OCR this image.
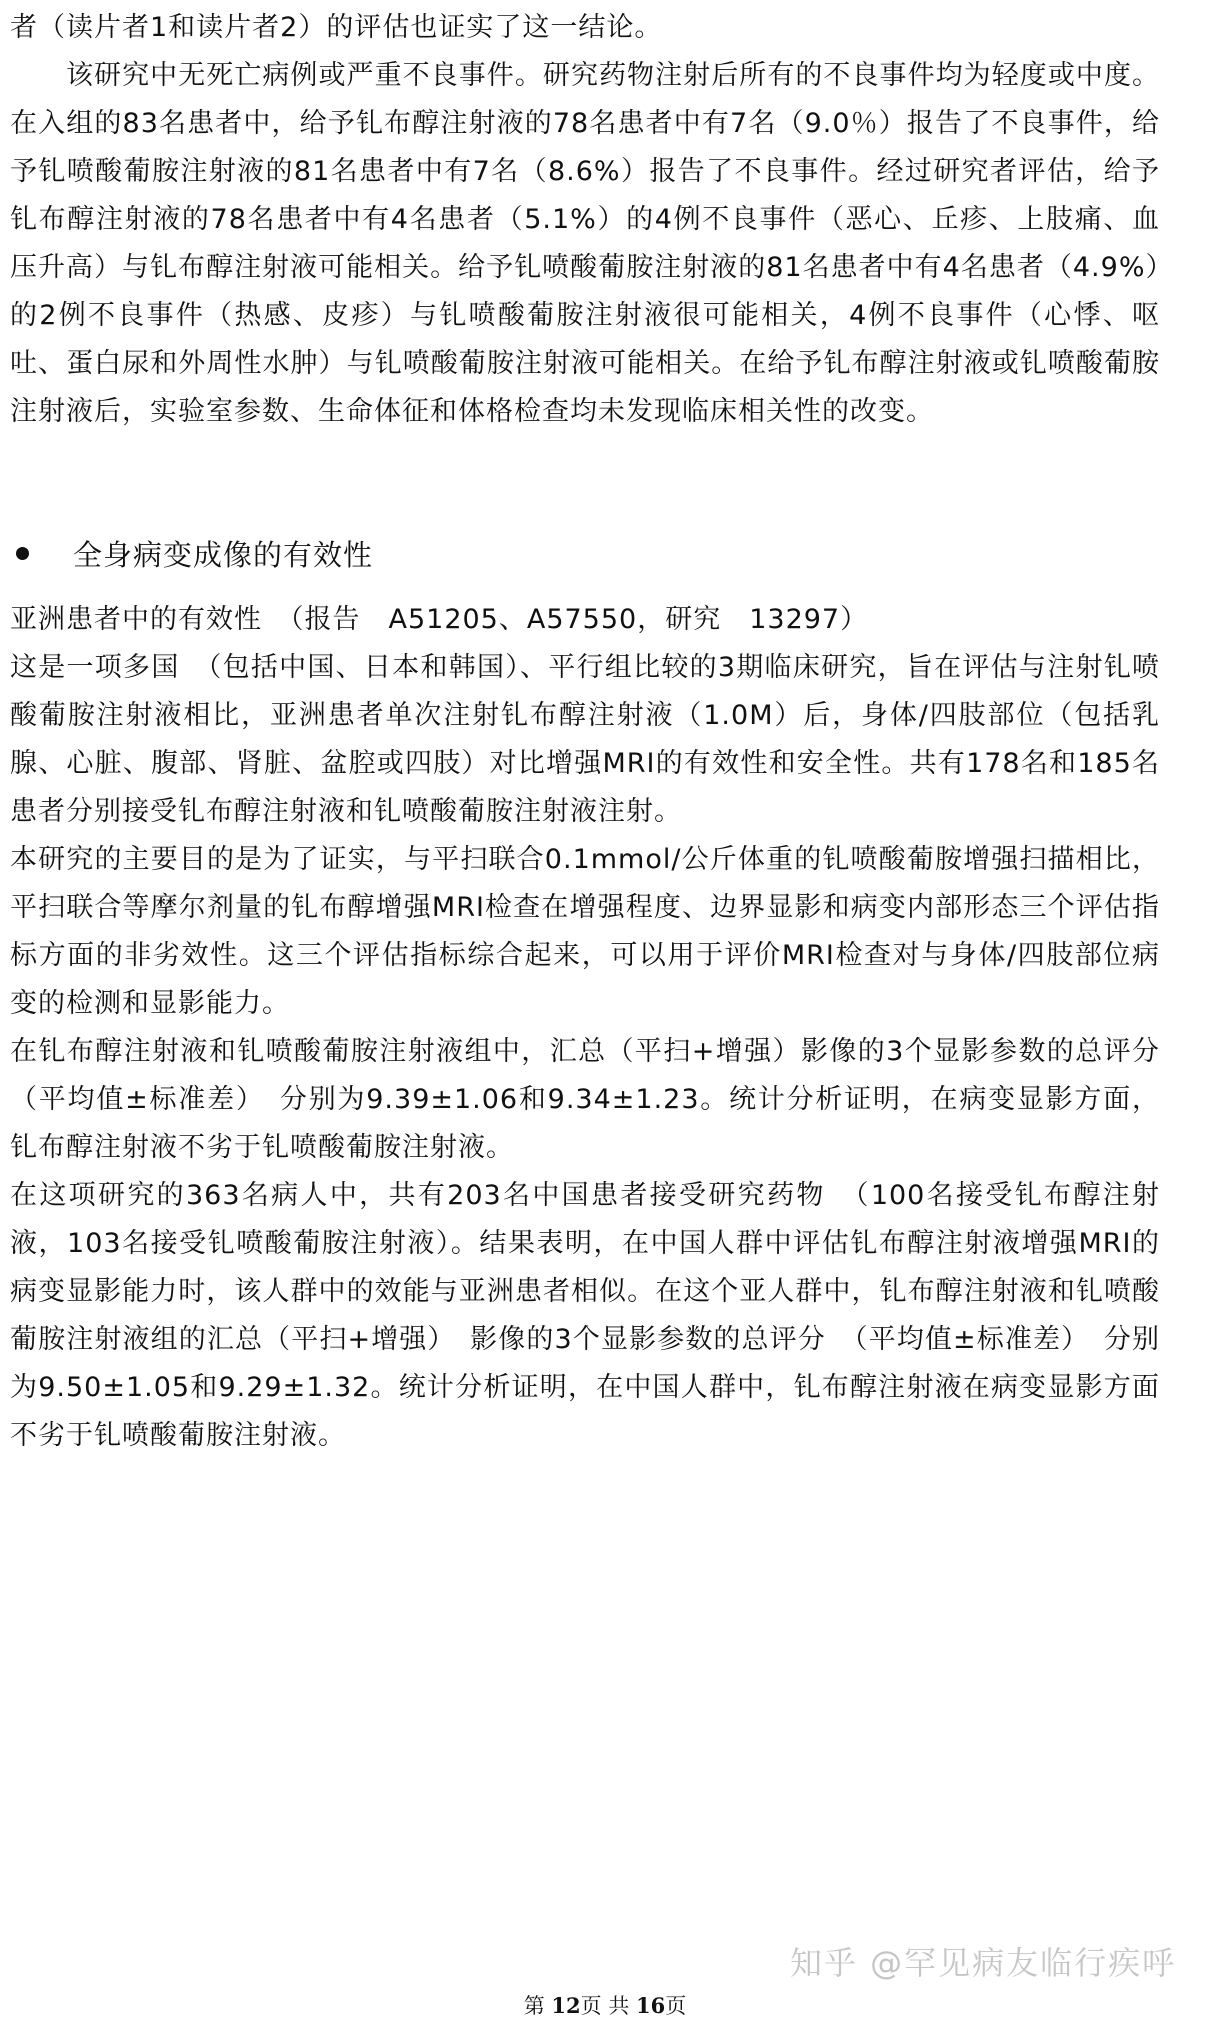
者（读片者1和读片者2）的评估也证实了这一结论。

该研究中无死亡病例或严重不良事件。研究药物注射后所有的不良事件均为轻度或中度。在入组的83名患者中，给予钆布醇注射液的78名患者中有7名（9.0％）报告了不良事件，给予钆喷酸葡胺注射液的81名患者中有7名（8.6%）报告了不良事件。经过研究者评估，给予钆布醇注射液的78名患者中有4名患者（5.1%）的4例不良事件（恶心、丘疹、上肢痛、血压升高）与钆布醇注射液可能相关。给予钆喷酸葡胺注射液的81名患者中有4名患者（4.9%）的2例不良事件（热感、皮疹）与钆喷酸葡胺注射液很可能相关，4例不良事件（心悸、呕吐、蛋白尿和外周性水肿）与钆喷酸葡胺注射液可能相关。在给予钆布醇注射液或钆喷酸葡胺注射液后，实验室参数、生命体征和体格检查均未发现临床相关性的改变。

全身病变成像的有效性

亚洲患者中的有效性　（报告　A51205、A57550，研究　13297）

这是一项多国　（包括中国、日本和韩国）、平行组比较的3期临床研究，旨在评估与注射钆喷酸葡胺注射液相比，亚洲患者单次注射钆布醇注射液（1.0M）后，身体/四肢部位（包括乳腺、心脏、腹部、肾脏、盆腔或四肢）对比增强MRI的有效性和安全性。共有178名和185名患者分别接受钆布醇注射液和钆喷酸葡胺注射液注射。

本研究的主要目的是为了证实，与平扫联合0.1mmol/公斤体重的钆喷酸葡胺增强扫描相比，平扫联合等摩尔剂量的钆布醇增强MRI检查在增强程度、边界显影和病变内部形态三个评估指标方面的非劣效性。这三个评估指标综合起来，可以用于评价MRI检查对与身体/四肢部位病变的检测和显影能力。

在钆布醇注射液和钆喷酸葡胺注射液组中，汇总（平扫+增强）影像的3个显影参数的总评分（平均值±标准差）　分别为9.39±1.06和9.34±1.23。统计分析证明，在病变显影方面，钆布醇注射液不劣于钆喷酸葡胺注射液。

在这项研究的363名病人中，共有203名中国患者接受研究药物　（100名接受钆布醇注射液，103名接受钆喷酸葡胺注射液）。结果表明，在中国人群中评估钆布醇注射液增强MRI的病变显影能力时，该人群中的效能与亚洲患者相似。在这个亚人群中，钆布醇注射液和钆喷酸葡胺注射液组的汇总（平扫+增强）　影像的3个显影参数的总评分　（平均值±标准差）　分别为9.50±1.05和9.29±1.32。统计分析证明，在中国人群中，钆布醇注射液在病变显影方面不劣于钆喷酸葡胺注射液。

知乎 @罕见病友临行疾呼
第 12页 共 16页
